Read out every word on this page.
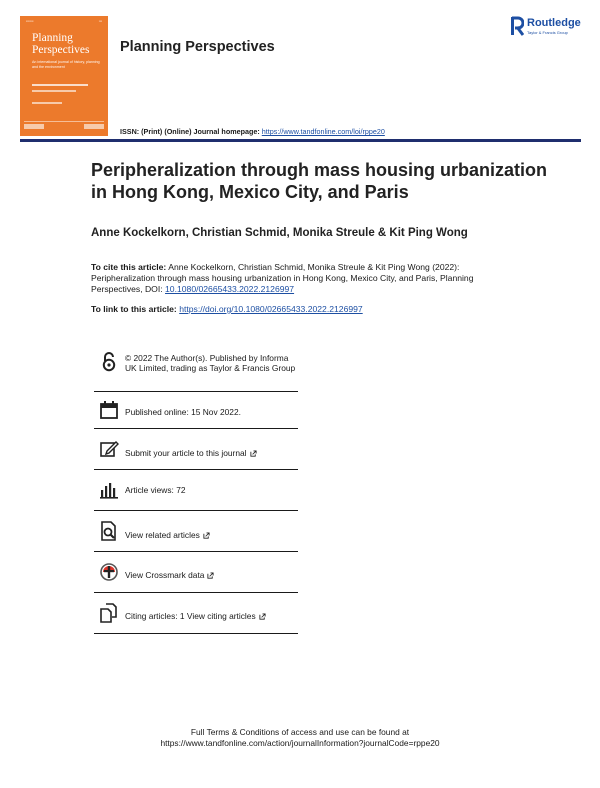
▪▪▪▪▪▪▪	▪▪▪
Planning Perspectives
An international journal of history, planning and the environment
Planning Perspectives
Routledge
Taylor & Francis Group
ISSN: (Print) (Online) Journal homepage: https://www.tandfonline.com/loi/rppe20
Peripheralization through mass housing urbanization in Hong Kong, Mexico City, and Paris
Anne Kockelkorn, Christian Schmid, Monika Streule & Kit Ping Wong
To cite this article: Anne Kockelkorn, Christian Schmid, Monika Streule & Kit Ping Wong (2022): Peripheralization through mass housing urbanization in Hong Kong, Mexico City, and Paris, Planning Perspectives, DOI: 10.1080/02665433.2022.2126997
To link to this article: https://doi.org/10.1080/02665433.2022.2126997
© 2022 The Author(s). Published by Informa UK Limited, trading as Taylor & Francis Group
Published online: 15 Nov 2022.
Submit your article to this journal
Article views: 72
View related articles
View Crossmark data
Citing articles: 1 View citing articles
Full Terms & Conditions of access and use can be found at
https://www.tandfonline.com/action/journalInformation?journalCode=rppe20
